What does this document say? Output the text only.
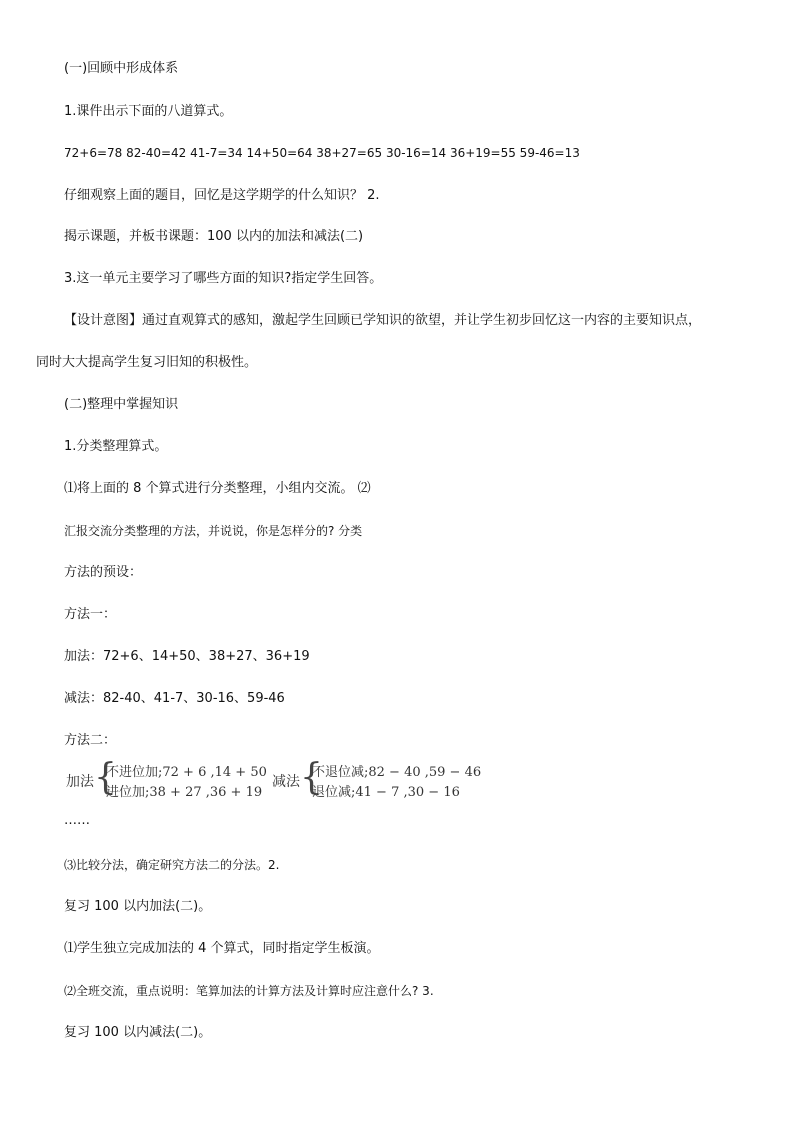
(一)回顾中形成体系
1.课件出示下面的八道算式。
72+6=78 82-40=42 41-7=34 14+50=64 38+27=65 30-16=14 36+19=55 59-46=13
仔细观察上面的题目，回忆是这学期学的什么知识？ 2.
揭示课题，并板书课题：100 以内的加法和减法(二)
3.这一单元主要学习了哪些方面的知识?指定学生回答。
【设计意图】通过直观算式的感知，激起学生回顾已学知识的欲望，并让学生初步回忆这一内容的主要知识点，
同时大大提高学生复习旧知的积极性。
(二)整理中掌握知识
1.分类整理算式。
⑴将上面的 8 个算式进行分类整理，小组内交流。 ⑵
汇报交流分类整理的方法，并说说，你是怎样分的? 分类
方法的预设：
方法一：
加法：72+6、14+50、38+27、36+19
减法：82-40、41-7、30-16、59-46
方法二：
加法 {
不进位加;72 + 6 ,14 + 50
进位加;38 + 27 ,36 + 19
减法 {
不退位减;82 − 40 ,59 − 46
退位减;41 − 7 ,30 − 16
……
⑶比较分法，确定研究方法二的分法。2.
复习 100 以内加法(二)。
⑴学生独立完成加法的 4 个算式，同时指定学生板演。
⑵全班交流，重点说明：笔算加法的计算方法及计算时应注意什么? 3.
复习 100 以内减法(二)。
